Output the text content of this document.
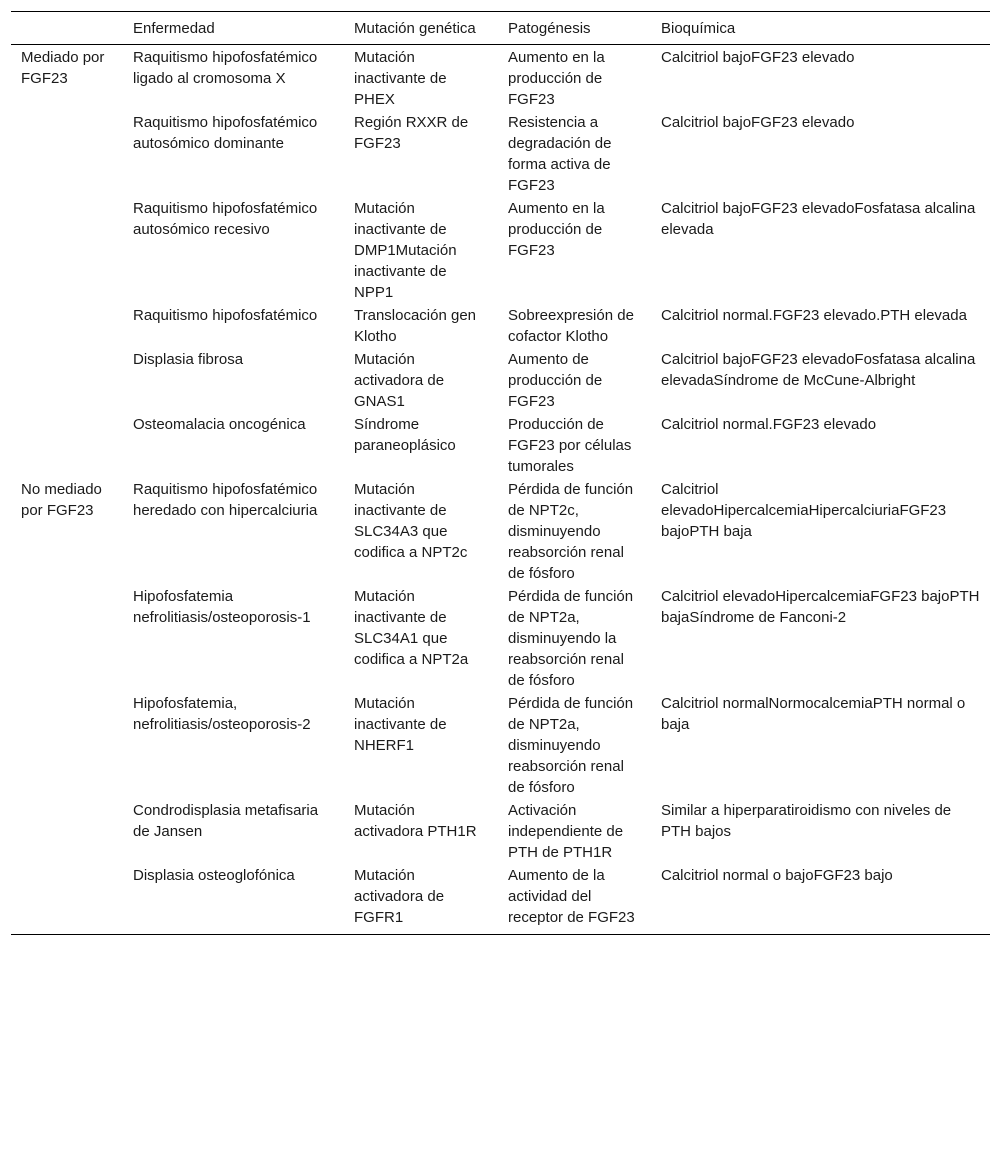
	Enfermedad	Mutación genética	Patogénesis	Bioquímica
Mediado por FGF23	Raquitismo hipofosfatémico ligado al cromosoma X	Mutación inactivante de PHEX	Aumento en la producción de FGF23	Calcitriol bajoFGF23 elevado
	Raquitismo hipofosfatémico autosómico dominante	Región RXXR de FGF23	Resistencia a degradación de forma activa de FGF23	Calcitriol bajoFGF23 elevado
	Raquitismo hipofosfatémico autosómico recesivo	Mutación inactivante de DMP1Mutación inactivante de NPP1	Aumento en la producción de FGF23	Calcitriol bajoFGF23 elevadoFosfatasa alcalina elevada
	Raquitismo hipofosfatémico	Translocación gen Klotho	Sobreexpresión de cofactor Klotho	Calcitriol normal.FGF23 elevado.PTH elevada
	Displasia fibrosa	Mutación activadora de GNAS1	Aumento de producción de FGF23	Calcitriol bajoFGF23 elevadoFosfatasa alcalina elevadaSíndrome de McCune-Albright
	Osteomalacia oncogénica	Síndrome paraneoplásico	Producción de FGF23 por células tumorales	Calcitriol normal.FGF23 elevado
No mediado por FGF23	Raquitismo hipofosfatémico heredado con hipercalciuria	Mutación inactivante de SLC34A3 que codifica a NPT2c	Pérdida de función de NPT2c, disminuyendo reabsorción renal de fósforo	Calcitriol elevadoHipercalcemiaHipercalciuriaFGF23 bajoPTH baja
	Hipofosfatemia nefrolitiasis/osteoporosis-1	Mutación inactivante de SLC34A1 que codifica a NPT2a	Pérdida de función de NPT2a, disminuyendo la reabsorción renal de fósforo	Calcitriol elevadoHipercalcemiaFGF23 bajoPTH bajaSíndrome de Fanconi-2
	Hipofosfatemia, nefrolitiasis/osteoporosis-2	Mutación inactivante de NHERF1	Pérdida de función de NPT2a, disminuyendo reabsorción renal de fósforo	Calcitriol normalNormocalcemiaPTH normal o baja
	Condrodisplasia metafisaria de Jansen	Mutación activadora PTH1R	Activación independiente de PTH de PTH1R	Similar a hiperparatiroidismo con niveles de PTH bajos
	Displasia osteoglofónica	Mutación activadora de FGFR1	Aumento de la actividad del receptor de FGF23	Calcitriol normal o bajoFGF23 bajo
